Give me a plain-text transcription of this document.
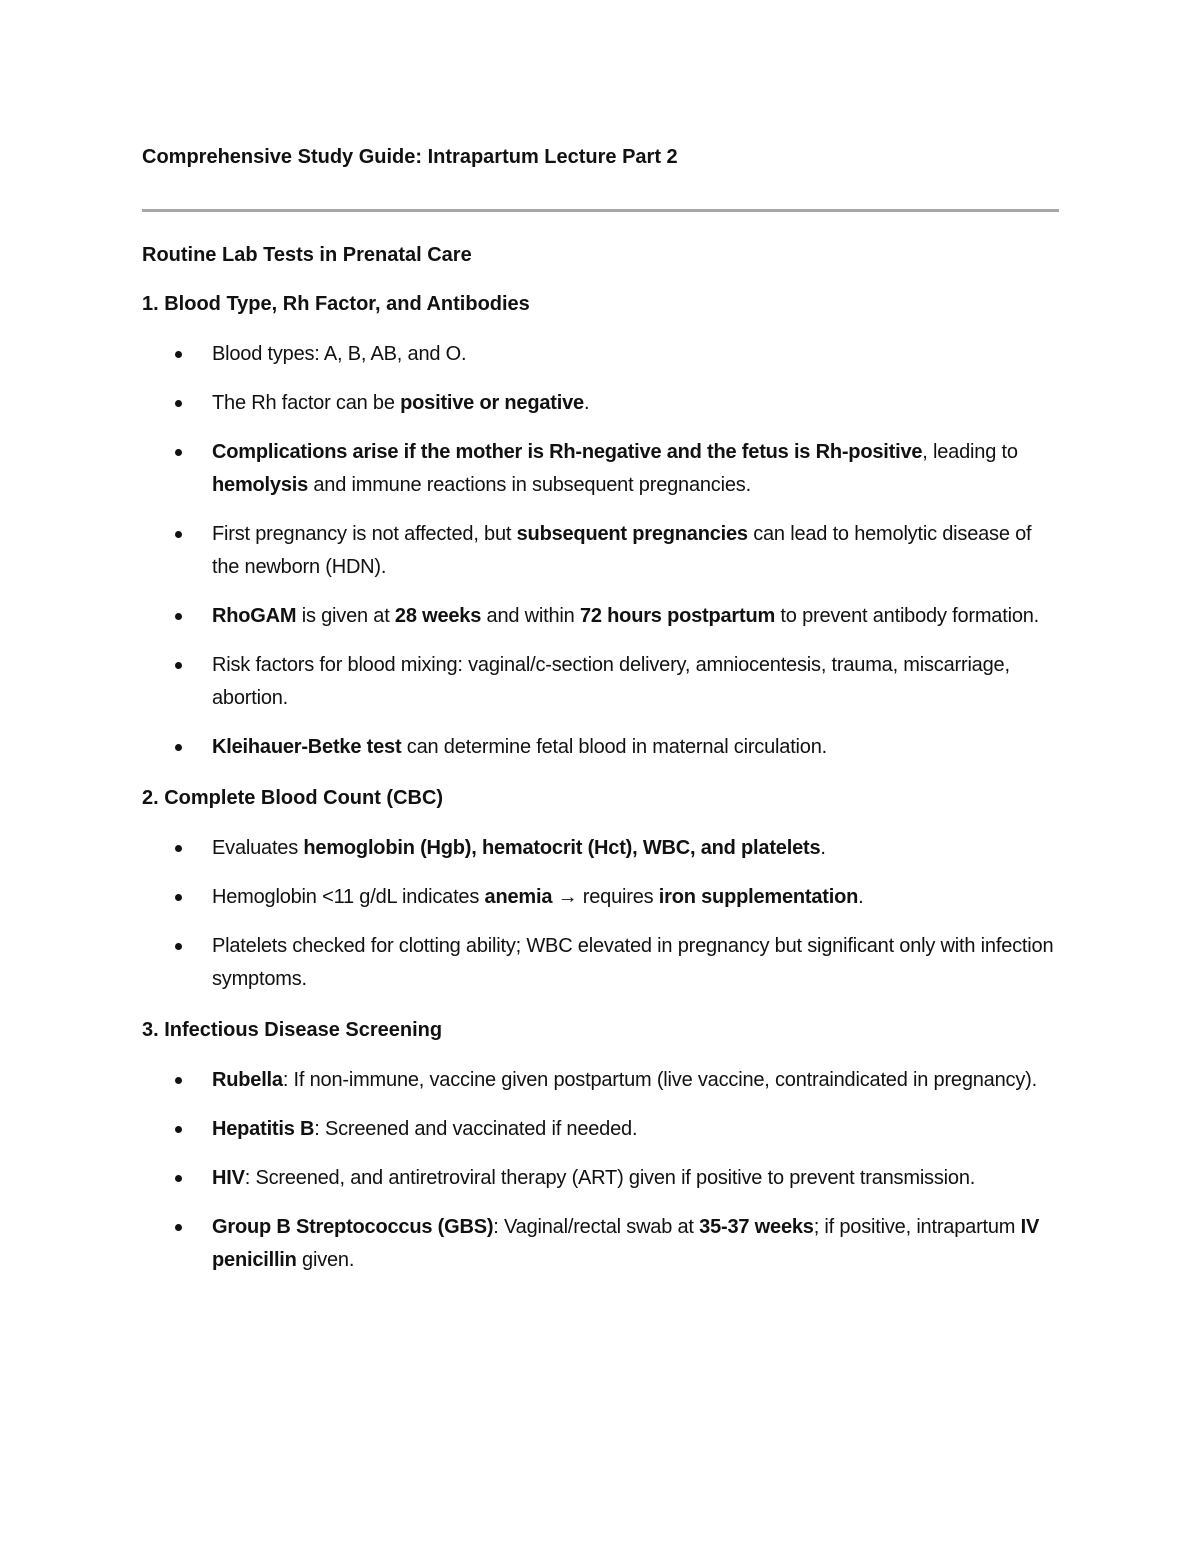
Comprehensive Study Guide: Intrapartum Lecture Part 2
Routine Lab Tests in Prenatal Care
1. Blood Type, Rh Factor, and Antibodies
Blood types: A, B, AB, and O.
The Rh factor can be positive or negative.
Complications arise if the mother is Rh-negative and the fetus is Rh-positive, leading to hemolysis and immune reactions in subsequent pregnancies.
First pregnancy is not affected, but subsequent pregnancies can lead to hemolytic disease of the newborn (HDN).
RhoGAM is given at 28 weeks and within 72 hours postpartum to prevent antibody formation.
Risk factors for blood mixing: vaginal/c-section delivery, amniocentesis, trauma, miscarriage, abortion.
Kleihauer-Betke test can determine fetal blood in maternal circulation.
2. Complete Blood Count (CBC)
Evaluates hemoglobin (Hgb), hematocrit (Hct), WBC, and platelets.
Hemoglobin <11 g/dL indicates anemia → requires iron supplementation.
Platelets checked for clotting ability; WBC elevated in pregnancy but significant only with infection symptoms.
3. Infectious Disease Screening
Rubella: If non-immune, vaccine given postpartum (live vaccine, contraindicated in pregnancy).
Hepatitis B: Screened and vaccinated if needed.
HIV: Screened, and antiretroviral therapy (ART) given if positive to prevent transmission.
Group B Streptococcus (GBS): Vaginal/rectal swab at 35-37 weeks; if positive, intrapartum IV penicillin given.
